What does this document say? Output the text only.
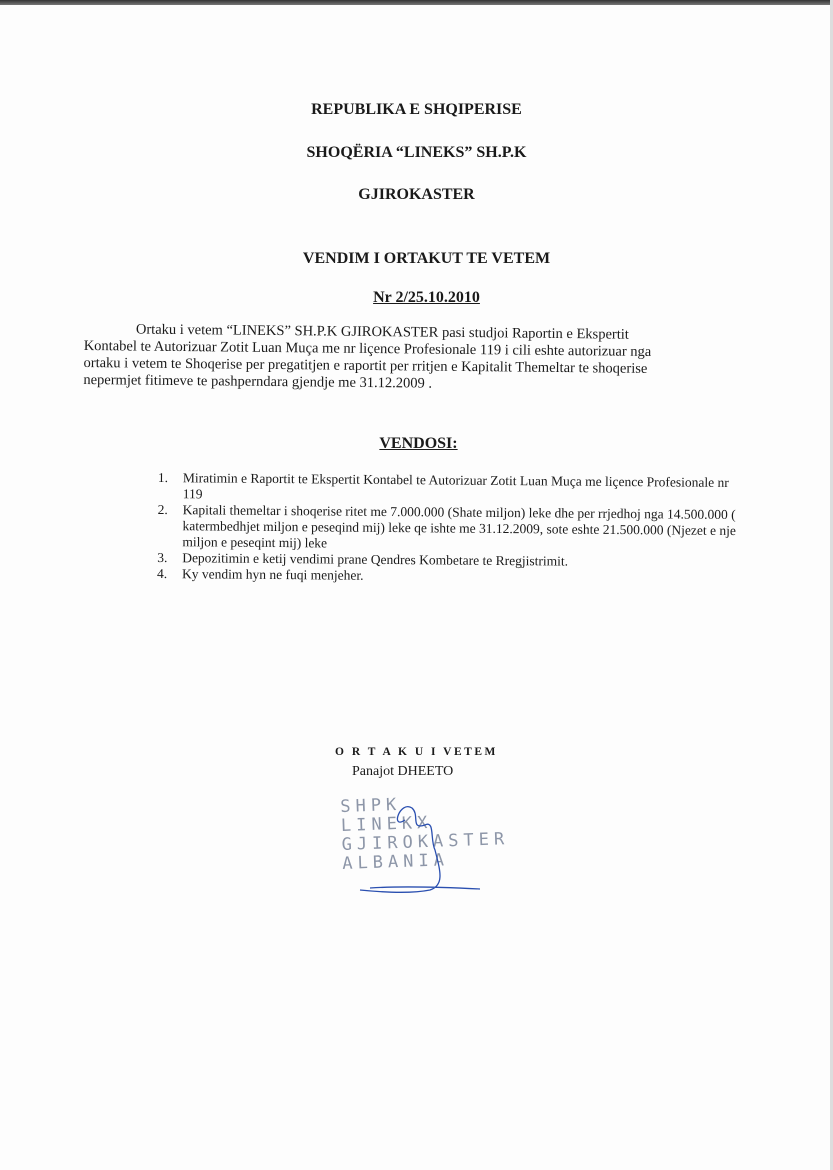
REPUBLIKA E SHQIPERISE
SHOQËRIA “LINEKS” SH.P.K
GJIROKASTER
VENDIM I ORTAKUT TE VETEM
Nr 2/25.10.2010
Ortaku i vetem “LINEKS” SH.P.K GJIROKASTER pasi studjoi Raportin e Ekspertit
Kontabel te Autorizuar Zotit Luan Muça me nr liçence Profesionale 119 i cili eshte autorizuar nga
ortaku i vetem te Shoqerise per pregatitjen e raportit per rritjen e Kapitalit Themeltar te shoqerise
nepermjet fitimeve te pashperndara gjendje me 31.12.2009 .
VENDOSI:
1.	Miratimin e Raportit te Ekspertit Kontabel te Autorizuar Zotit Luan Muça me liçence Profesionale nr 119
2.	Kapitali themeltar i shoqerise ritet me 7.000.000 (Shate miljon) leke dhe per rrjedhoj nga 14.500.000 ( katermbedhjet miljon e peseqind mij) leke qe ishte me 31.12.2009, sote eshte 21.500.000 (Njezet e nje miljon e peseqint mij) leke
3.	Depozitimin e ketij vendimi prane Qendres Kombetare te Rregjistrimit.
4.	Ky vendim hyn ne fuqi menjeher.
O R T A K U I VETEM
Panajot DHEETO
SHPK
LINEKX
GJIROKASTER
ALBANIA
